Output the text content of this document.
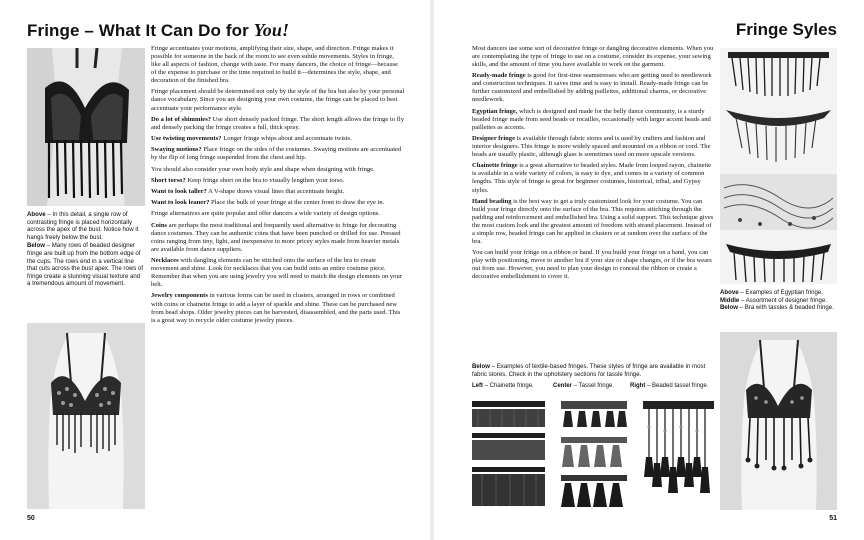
Fringe – What It Can Do for You!

Above – In this detail, a single row of contrasting fringe is placed horizontally across the apex of the bust. Notice how it hangs freely below the bust.

Below – Many rows of beaded designer fringe are built up from the bottom edge of the cups. The rows end in a vertical line that cuts across the bust apex. The rows of fringe create a stunning visual texture and a tremendous amount of movement.

Fringe accentuates your motions, amplifying their size, shape, and direction. Fringe makes it possible for someone in the back of the room to see even subtle movements. Styles in fringe, like all aspects of fashion, change with taste. For many dancers, the choice of fringe—because of the expense to purchase or the time required to build it—determines the style, shape, and decoration of the finished bra.

Fringe placement should be determined not only by the style of the bra but also by your personal dance vocabulary. Since you are designing your own costume, the fringe can be placed to best accentuate your performance style.

Do a lot of shimmies? Use short densely packed fringe. The short length allows the fringe to fly and densely packing the fringe creates a full, thick spray.

Use twisting movements? Longer fringe whips about and accentuate twists.

Swaying motions? Place fringe on the sides of the costumes. Swaying motions are accentuated by the flip of long fringe suspended from the chest and hip.

You should also consider your own body style and shape when designing with fringe.

Short torso? Keep fringe short on the bra to visually lengthen your torso.

Want to look taller? A V-shape draws visual lines that accentuate height.

Want to look leaner? Place the bulk of your fringe at the center front to draw the eye in.

Fringe alternatives are quite popular and offer dancers a wide variety of design options.

Coins are perhaps the most traditional and frequently used alternative to fringe for decorating dance costumes. They can be authentic coins that have been punched or drilled for use. Pressed coins ranging from tiny, light, and inexpensive to more pricey styles made from heavier metals are available from dance suppliers.

Necklaces with dangling elements can be stitched onto the surface of the bra to create movement and shine. Look for necklaces that you can build onto an entire costume piece. Remember that when you are using jewelry you will need to match the design elements on your belt.

Jewelry components in various forms can be used in clusters, arranged in rows or combined with coins or chainette fringe to add a layer of sparkle and shine. These can be purchased new from bead shops. Older jewelry pieces can be harvested, disassembled, and the parts used. This is a great way to recycle older costume jewelry pieces.

50
Fringe Syles

Most dancers use some sort of decorative fringe or dangling decorative elements. When you are contemplating the type of fringe to use on a costume, consider its expense, your sewing skills, and the amount of time you have available to work on the garment.

Ready-made fringe is good for first-time seamstresses who are getting used to needlework and construction techniques. It saves time and is easy to install. Ready-made fringe can be further customized and embellished by adding paillettes, additional charms, or decorative needlework.

Egyptian fringe, which is designed and made for the belly dance community, is a sturdy beaded fringe made from seed beads or rocailles, occasionally with larger accent beads and paillettes as accents.

Designer fringe is available through fabric stores and is used by crafters and fashion and interior designers. This fringe is more widely spaced and mounted on a ribbon or cord. The beads are usually plastic, although glass is sometimes used on more upscale versions.

Chainette fringe is a great alternative to beaded styles. Made from looped rayon, chainette is available in a wide variety of colors, is easy to dye, and comes in a variety of common lengths. This style of fringe is great for beginner costumes, historical, tribal, and Gypsy styles.

Hand beading is the best way to get a truly customized look for your costume. You can build your fringe directly onto the surface of the bra. This requires stitching through the padding and reinforcement and embellished bra. Using a solid support. This technique gives the most custom look and the greatest amount of freedom with strand placement. Instead of a simple row, beaded fringe can be applied in clusters or at random over the surface of the bra.

You can build your fringe on a ribbon or band. If you build your fringe on a band, you can play with positioning, move to another bra if your size or shape changes, or if the bra wears out from use. However, you need to plan your design to conceal the ribbon or create a decorative embellishment to cover it.

Above – Examples of Egyptian fringe.

Middle – Assortment of designer fringe.

Below – Bra with tassles & beaded fringe.

Below – Examples of textile-based fringes. These styles of fringe are available in most fabric stores. Check in the upholstery sections for tassle fringe.

Left – Chainette fringe.	Center – Tassel fringe.	Right – Beaded tassel fringe.
51
